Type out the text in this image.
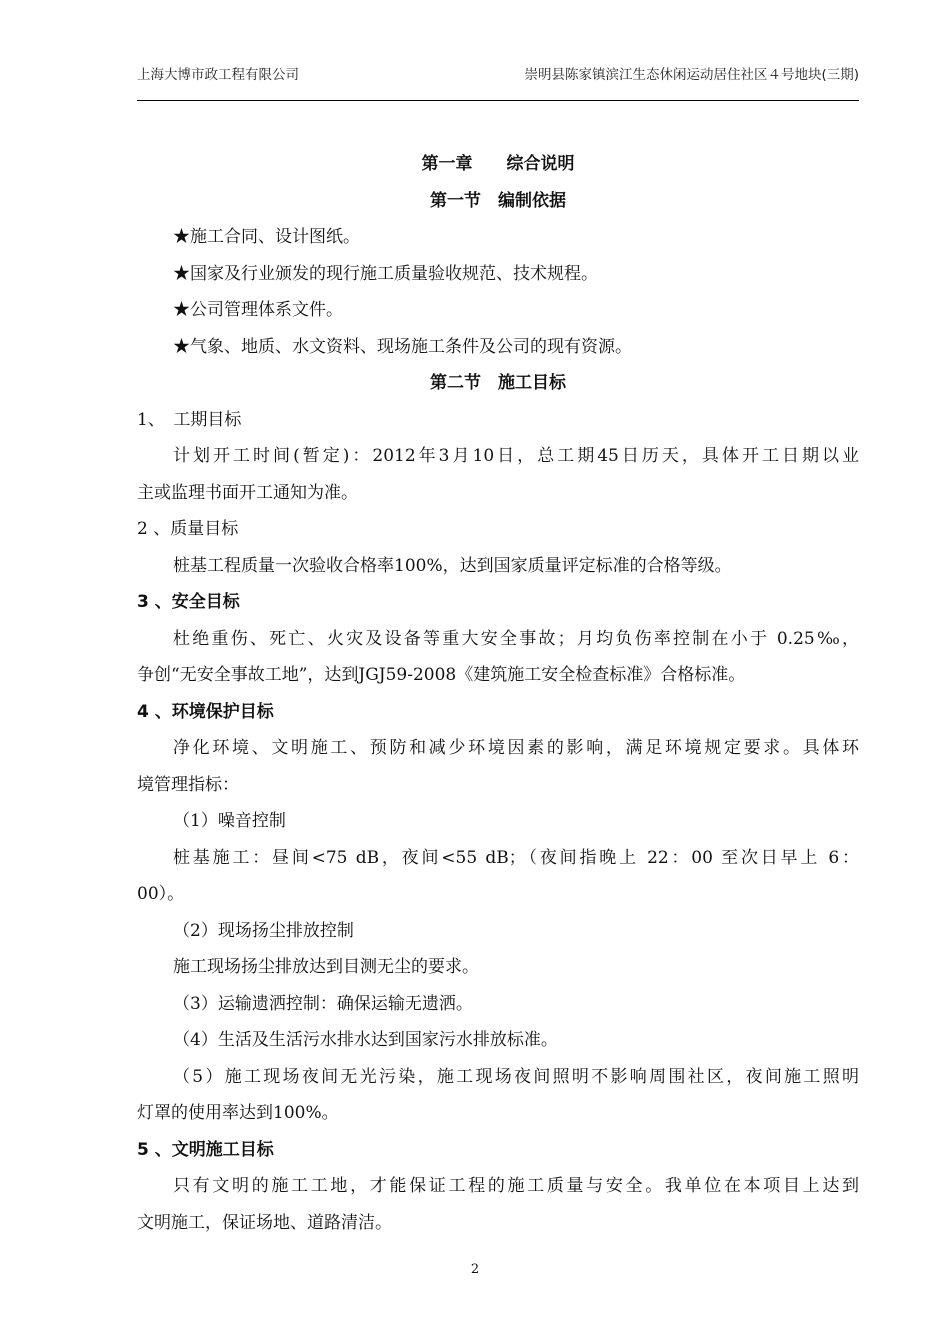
上海大博市政工程有限公司	崇明县陈家镇滨江生态休闲运动居住社区４号地块(三期)
第一章　　综合说明
第一节　编制依据
★施工合同、设计图纸。
★国家及行业颁发的现行施工质量验收规范、技术规程。
★公司管理体系文件。
★气象、地质、水文资料、现场施工条件及公司的现有资源。
第二节　施工目标
1、　工期目标
计划开工时间(暂定)：2012年3月10日，总工期45日历天，具体开工日期以业
主或监理书面开工通知为准。
2 、质量目标
桩基工程质量一次验收合格率100%，达到国家质量评定标准的合格等级。
3 、安全目标
杜绝重伤、死亡、火灾及设备等重大安全事故；月均负伤率控制在小于 0.25‰，
争创“无安全事故工地”，达到JGJ59-2008《建筑施工安全检查标准》合格标准。
4 、环境保护目标
净化环境、文明施工、预防和减少环境因素的影响，满足环境规定要求。具体环
境管理指标：
（1）噪音控制
桩基施工：昼间<75 dB，夜间<55 dB；（夜间指晚上 22：00 至次日早上 6：
00）。
（2）现场扬尘排放控制
施工现场扬尘排放达到目测无尘的要求。
（3）运输遗洒控制：确保运输无遗洒。
（4）生活及生活污水排水达到国家污水排放标准。
（5）施工现场夜间无光污染，施工现场夜间照明不影响周围社区，夜间施工照明
灯罩的使用率达到100%。
5 、文明施工目标
只有文明的施工工地，才能保证工程的施工质量与安全。我单位在本项目上达到
文明施工，保证场地、道路清洁。
2
